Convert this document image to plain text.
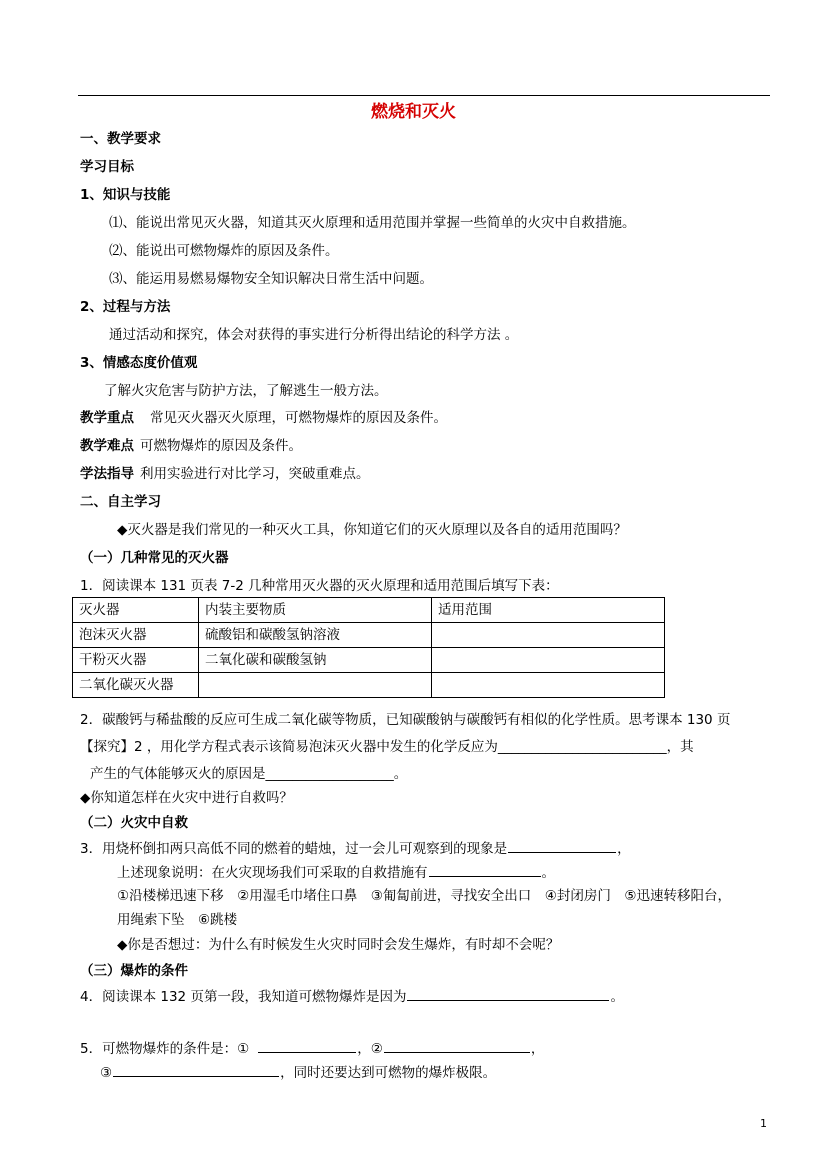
燃烧和灭火
一、教学要求
学习目标
1、知识与技能
⑴、能说出常见灭火器，知道其灭火原理和适用范围并掌握一些简单的火灾中自救措施。
⑵、能说出可燃物爆炸的原因及条件。
⑶、能运用易燃易爆物安全知识解决日常生活中问题。
2、过程与方法
通过活动和探究，体会对获得的事实进行分析得出结论的科学方法 。
3、情感态度价值观
了解火灾危害与防护方法，了解逃生一般方法。
教学重点 常见灭火器灭火原理，可燃物爆炸的原因及条件。
教学难点 可燃物爆炸的原因及条件。
学法指导 利用实验进行对比学习，突破重难点。
二、自主学习
◆灭火器是我们常见的一种灭火工具，你知道它们的灭火原理以及各自的适用范围吗？
（一）几种常见的灭火器
1．阅读课本 131 页表 7-2 几种常用灭火器的灭火原理和适用范围后填写下表：
灭火器	内装主要物质	适用范围
泡沫灭火器	硫酸铝和碳酸氢钠溶液	
干粉灭火器	二氧化碳和碳酸氢钠	
二氧化碳灭火器		
2．碳酸钙与稀盐酸的反应可生成二氧化碳等物质，已知碳酸钠与碳酸钙有相似的化学性质。思考课本 130 页
【探究】2 ，用化学方程式表示该简易泡沫灭火器中发生的化学反应为_________________________，其
产生的气体能够灭火的原因是___________________。
◆你知道怎样在火灾中进行自救吗？
（二）火灾中自救
3．用烧杯倒扣两只高低不同的燃着的蜡烛，过一会儿可观察到的现象是	，
上述现象说明：在火灾现场我们可采取的自救措施有	。
①沿楼梯迅速下移　②用湿毛巾堵住口鼻　③匍匐前进，寻找安全出口　④封闭房门　⑤迅速转移阳台，
用绳索下坠　⑥跳楼
◆你是否想过：为什么有时候发生火灾时同时会发生爆炸，有时却不会呢？
（三）爆炸的条件
4．阅读课本 132 页第一段，我知道可燃物爆炸是因为	。
5．可燃物爆炸的条件是：①	，②	，
③	，同时还要达到可燃物的爆炸极限。
1
